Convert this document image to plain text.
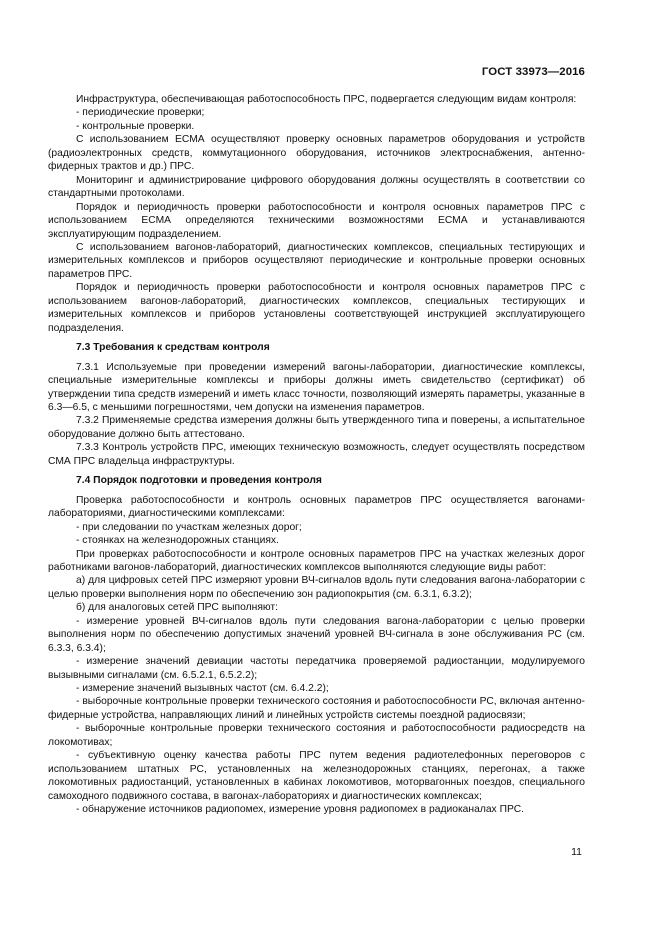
ГОСТ 33973—2016

Инфраструктура, обеспечивающая работоспособность ПРС, подвергается следующим видам контроля:

- периодические проверки;

- контрольные проверки.

С использованием ЕСМА осуществляют проверку основных параметров оборудования и устройств (радиоэлектронных средств, коммутационного оборудования, источников электроснабжения, антенно-фидерных трактов и др.) ПРС.

Мониторинг и администрирование цифрового оборудования должны осуществлять в соответствии со стандартными протоколами.

Порядок и периодичность проверки работоспособности и контроля основных параметров ПРС с использованием ЕСМА определяются техническими возможностями ЕСМА и устанавливаются эксплуатирующим подразделением.

С использованием вагонов-лабораторий, диагностических комплексов, специальных тестирующих и измерительных комплексов и приборов осуществляют периодические и контрольные проверки основных параметров ПРС.

Порядок и периодичность проверки работоспособности и контроля основных параметров ПРС с использованием вагонов-лабораторий, диагностических комплексов, специальных тестирующих и измерительных комплексов и приборов установлены соответствующей инструкцией эксплуатирующего подразделения.

7.3 Требования к средствам контроля

7.3.1 Используемые при проведении измерений вагоны-лаборатории, диагностические комплексы, специальные измерительные комплексы и приборы должны иметь свидетельство (сертификат) об утверждении типа средств измерений и иметь класс точности, позволяющий измерять параметры, указанные в 6.3—6.5, с меньшими погрешностями, чем допуски на изменения параметров.

7.3.2 Применяемые средства измерения должны быть утвержденного типа и поверены, а испытательное оборудование должно быть аттестовано.

7.3.3 Контроль устройств ПРС, имеющих техническую возможность, следует осуществлять посредством СМА ПРС владельца инфраструктуры.

7.4 Порядок подготовки и проведения контроля

Проверка работоспособности и контроль основных параметров ПРС осуществляется вагонами-лабораториями, диагностическими комплексами:

- при следовании по участкам железных дорог;

- стоянках на железнодорожных станциях.

При проверках работоспособности и контроле основных параметров ПРС на участках железных дорог работниками вагонов-лабораторий, диагностических комплексов выполняются следующие виды работ:

а) для цифровых сетей ПРС измеряют уровни ВЧ-сигналов вдоль пути следования вагона-лаборатории с целью проверки выполнения норм по обеспечению зон радиопокрытия (см. 6.3.1, 6.3.2);

б) для аналоговых сетей ПРС выполняют:

- измерение уровней ВЧ-сигналов вдоль пути следования вагона-лаборатории с целью проверки выполнения норм по обеспечению допустимых значений уровней ВЧ-сигнала в зоне обслуживания РС (см. 6.3.3, 6.3.4);

- измерение значений девиации частоты передатчика проверяемой радиостанции, модулируемого вызывными сигналами (см. 6.5.2.1, 6.5.2.2);

- измерение значений вызывных частот (см. 6.4.2.2);

- выборочные контрольные проверки технического состояния и работоспособности РС, включая антенно-фидерные устройства, направляющих линий и линейных устройств системы поездной радиосвязи;

- выборочные контрольные проверки технического состояния и работоспособности радиосредств на локомотивах;

- субъективную оценку качества работы ПРС путем ведения радиотелефонных переговоров с использованием штатных РС, установленных на железнодорожных станциях, перегонах, а также локомотивных радиостанций, установленных в кабинах локомотивов, моторвагонных поездов, специального самоходного подвижного состава, в вагонах-лабораториях и диагностических комплексах;

- обнаружение источников радиопомех, измерение уровня радиопомех в радиоканалах ПРС.

11
